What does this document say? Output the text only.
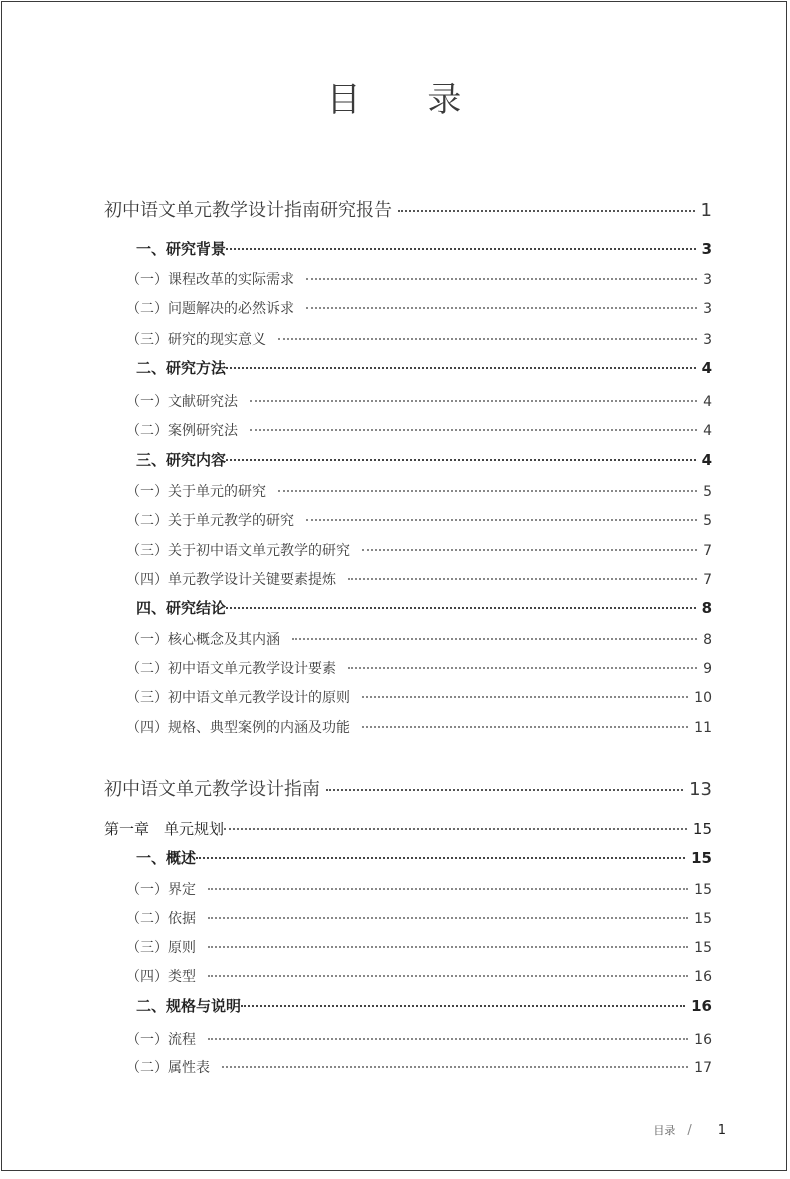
目 录
初中语文单元教学设计指南研究报告	1
一、研究背景	3
（一）课程改革的实际需求	3
（二）问题解决的必然诉求	3
（三）研究的现实意义	3
二、研究方法	4
（一）文献研究法	4
（二）案例研究法	4
三、研究内容	4
（一）关于单元的研究	5
（二）关于单元教学的研究	5
（三）关于初中语文单元教学的研究	7
（四）单元教学设计关键要素提炼	7
四、研究结论	8
（一）核心概念及其内涵	8
（二）初中语文单元教学设计要素	9
（三）初中语文单元教学设计的原则	10
（四）规格、典型案例的内涵及功能	11
初中语文单元教学设计指南	13
第一章　单元规划	15
一、概述	15
（一）界定	15
（二）依据	15
（三）原则	15
（四）类型	16
二、规格与说明	16
（一）流程	16
（二）属性表	17
目录 / 1
